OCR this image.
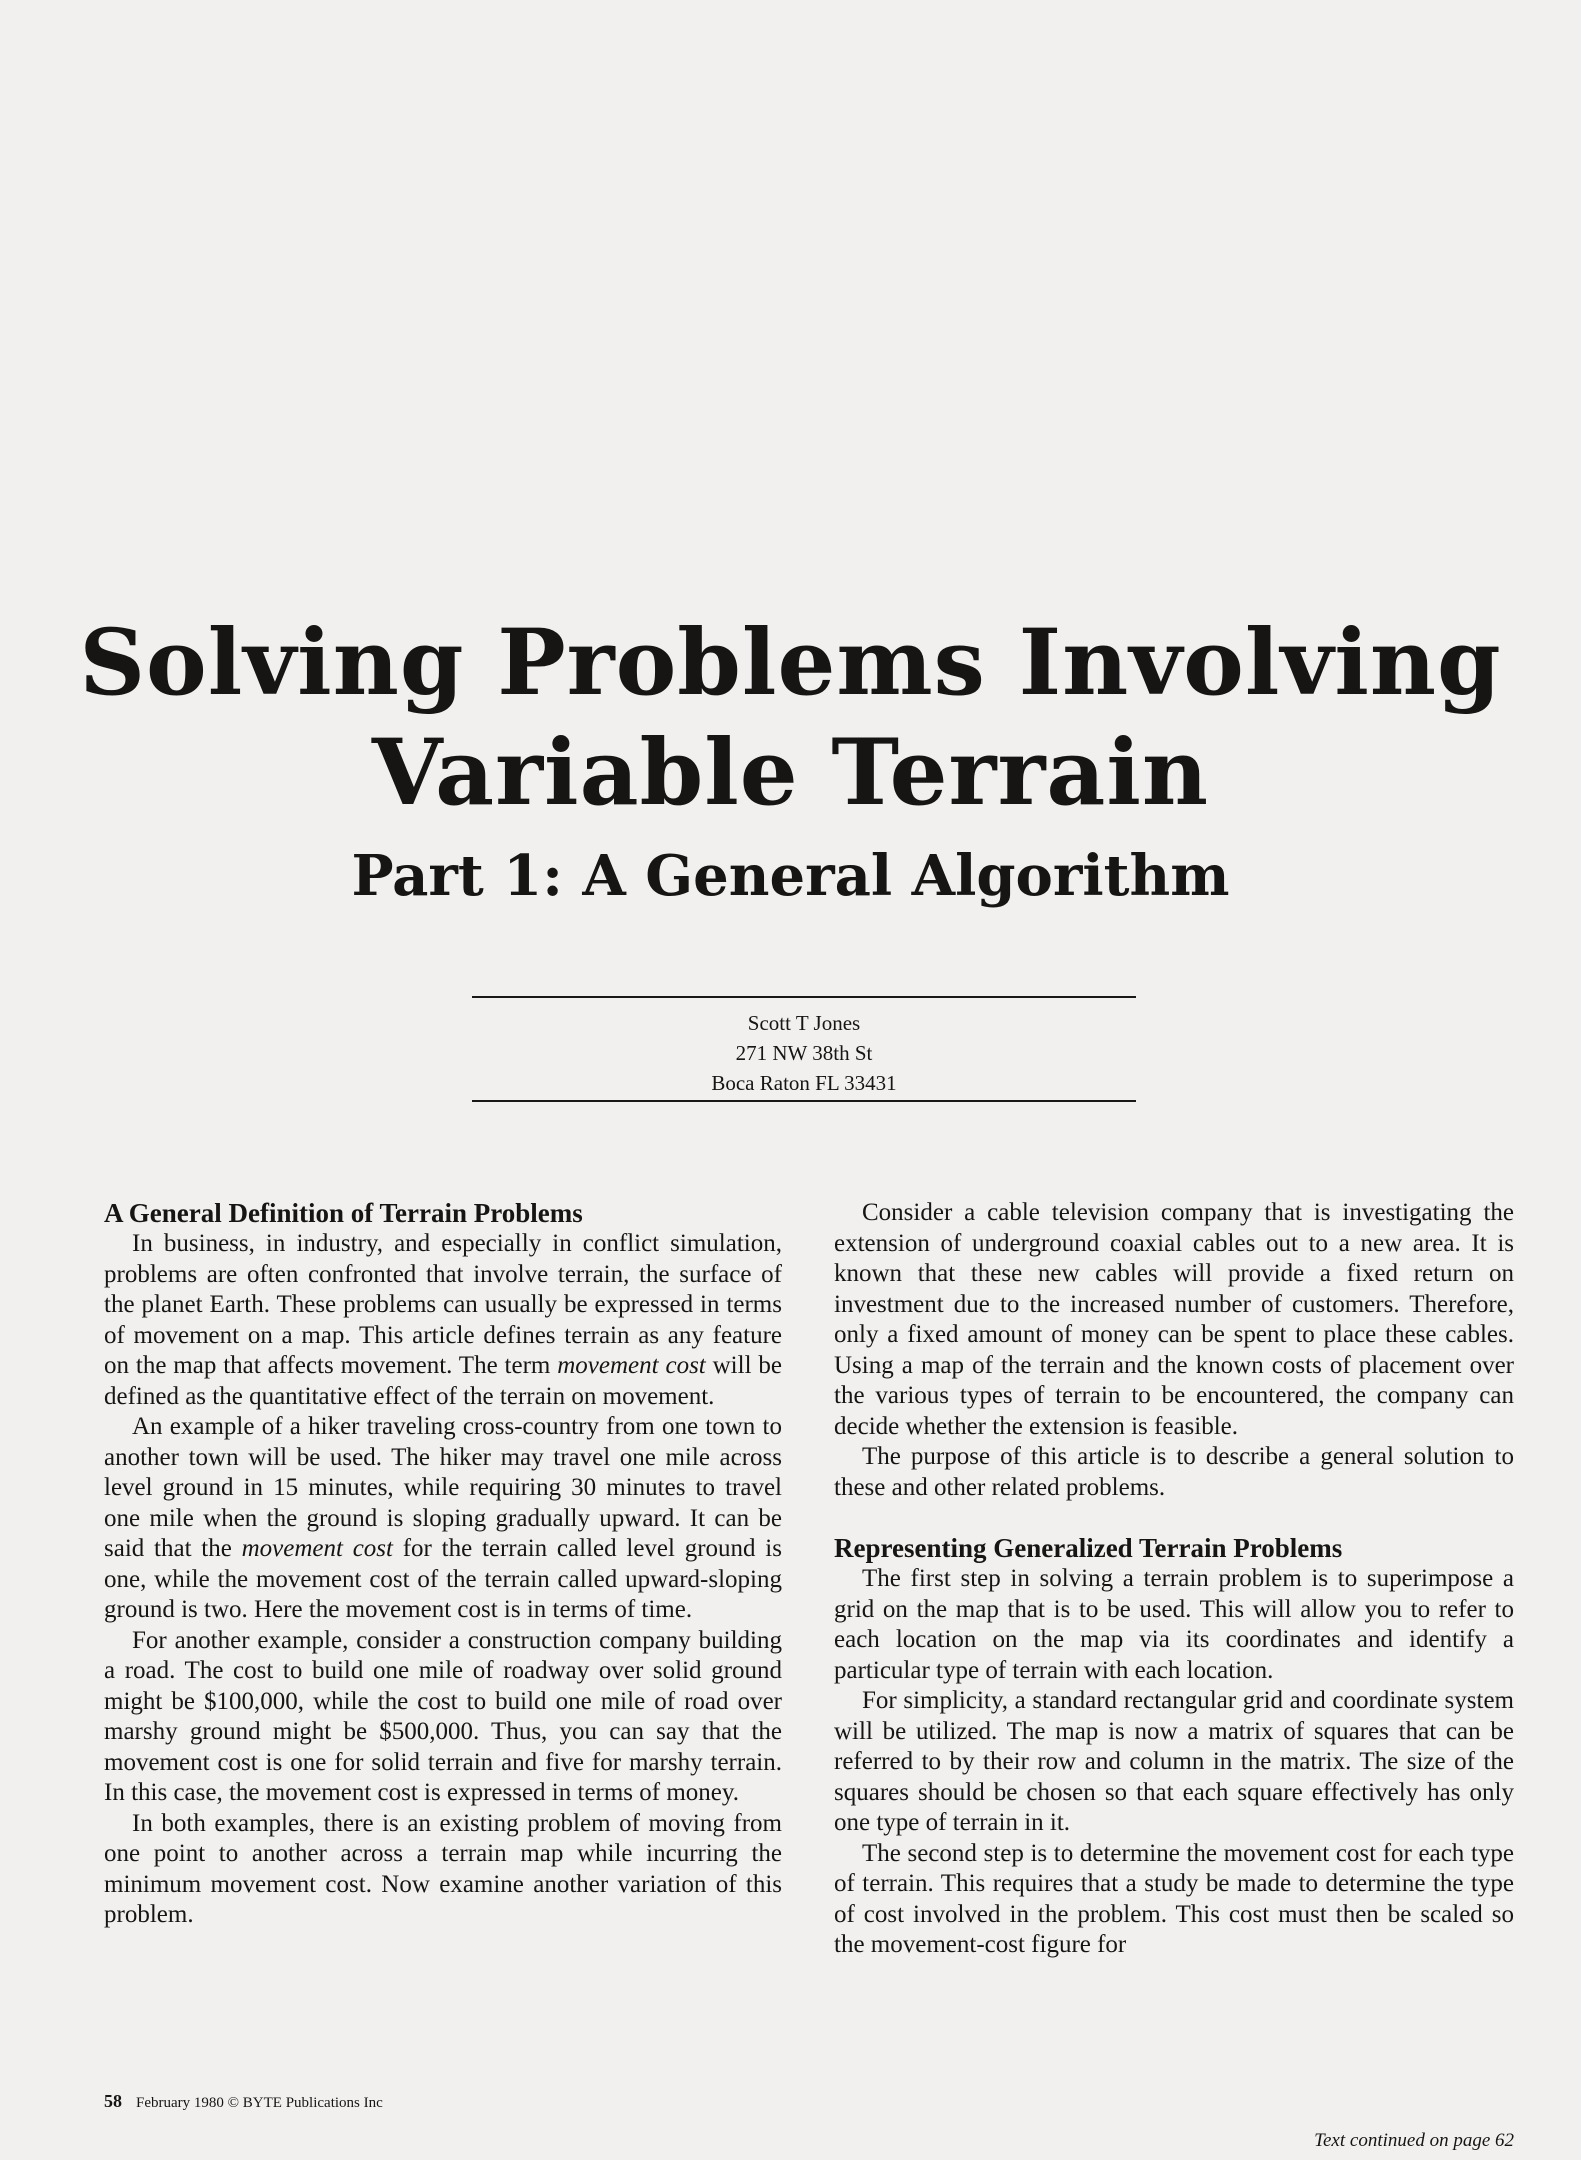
Solving Problems Involving
Variable Terrain
Part 1: A General Algorithm
Scott T Jones
271 NW 38th St
Boca Raton FL 33431
A General Definition of Terrain Problems

In business, in industry, and especially in conflict simulation, problems are often confronted that involve terrain, the surface of the planet Earth. These problems can usually be expressed in terms of movement on a map. This article defines terrain as any feature on the map that affects movement. The term movement cost will be defined as the quantitative effect of the terrain on movement.

An example of a hiker traveling cross-country from one town to another town will be used. The hiker may travel one mile across level ground in 15 minutes, while requiring 30 minutes to travel one mile when the ground is sloping gradually upward. It can be said that the movement cost for the terrain called level ground is one, while the movement cost of the terrain called upward-sloping ground is two. Here the movement cost is in terms of time.

For another example, consider a construction company building a road. The cost to build one mile of roadway over solid ground might be $100,000, while the cost to build one mile of road over marshy ground might be $500,000. Thus, you can say that the movement cost is one for solid terrain and five for marshy terrain. In this case, the movement cost is expressed in terms of money.

In both examples, there is an existing problem of moving from one point to another across a terrain map while incurring the minimum movement cost. Now examine another variation of this problem.

Consider a cable television company that is investigating the extension of underground coaxial cables out to a new area. It is known that these new cables will provide a fixed return on investment due to the increased number of customers. Therefore, only a fixed amount of money can be spent to place these cables. Using a map of the terrain and the known costs of placement over the various types of terrain to be encountered, the company can decide whether the extension is feasible.

The purpose of this article is to describe a general solution to these and other related problems.

Representing Generalized Terrain Problems

The first step in solving a terrain problem is to superimpose a grid on the map that is to be used. This will allow you to refer to each location on the map via its coordinates and identify a particular type of terrain with each location.

For simplicity, a standard rectangular grid and coordinate system will be utilized. The map is now a matrix of squares that can be referred to by their row and column in the matrix. The size of the squares should be chosen so that each square effectively has only one type of terrain in it.

The second step is to determine the movement cost for each type of terrain. This requires that a study be made to determine the type of cost involved in the problem. This cost must then be scaled so the movement-cost figure for

Text continued on page 62
58 February 1980 © BYTE Publications Inc
